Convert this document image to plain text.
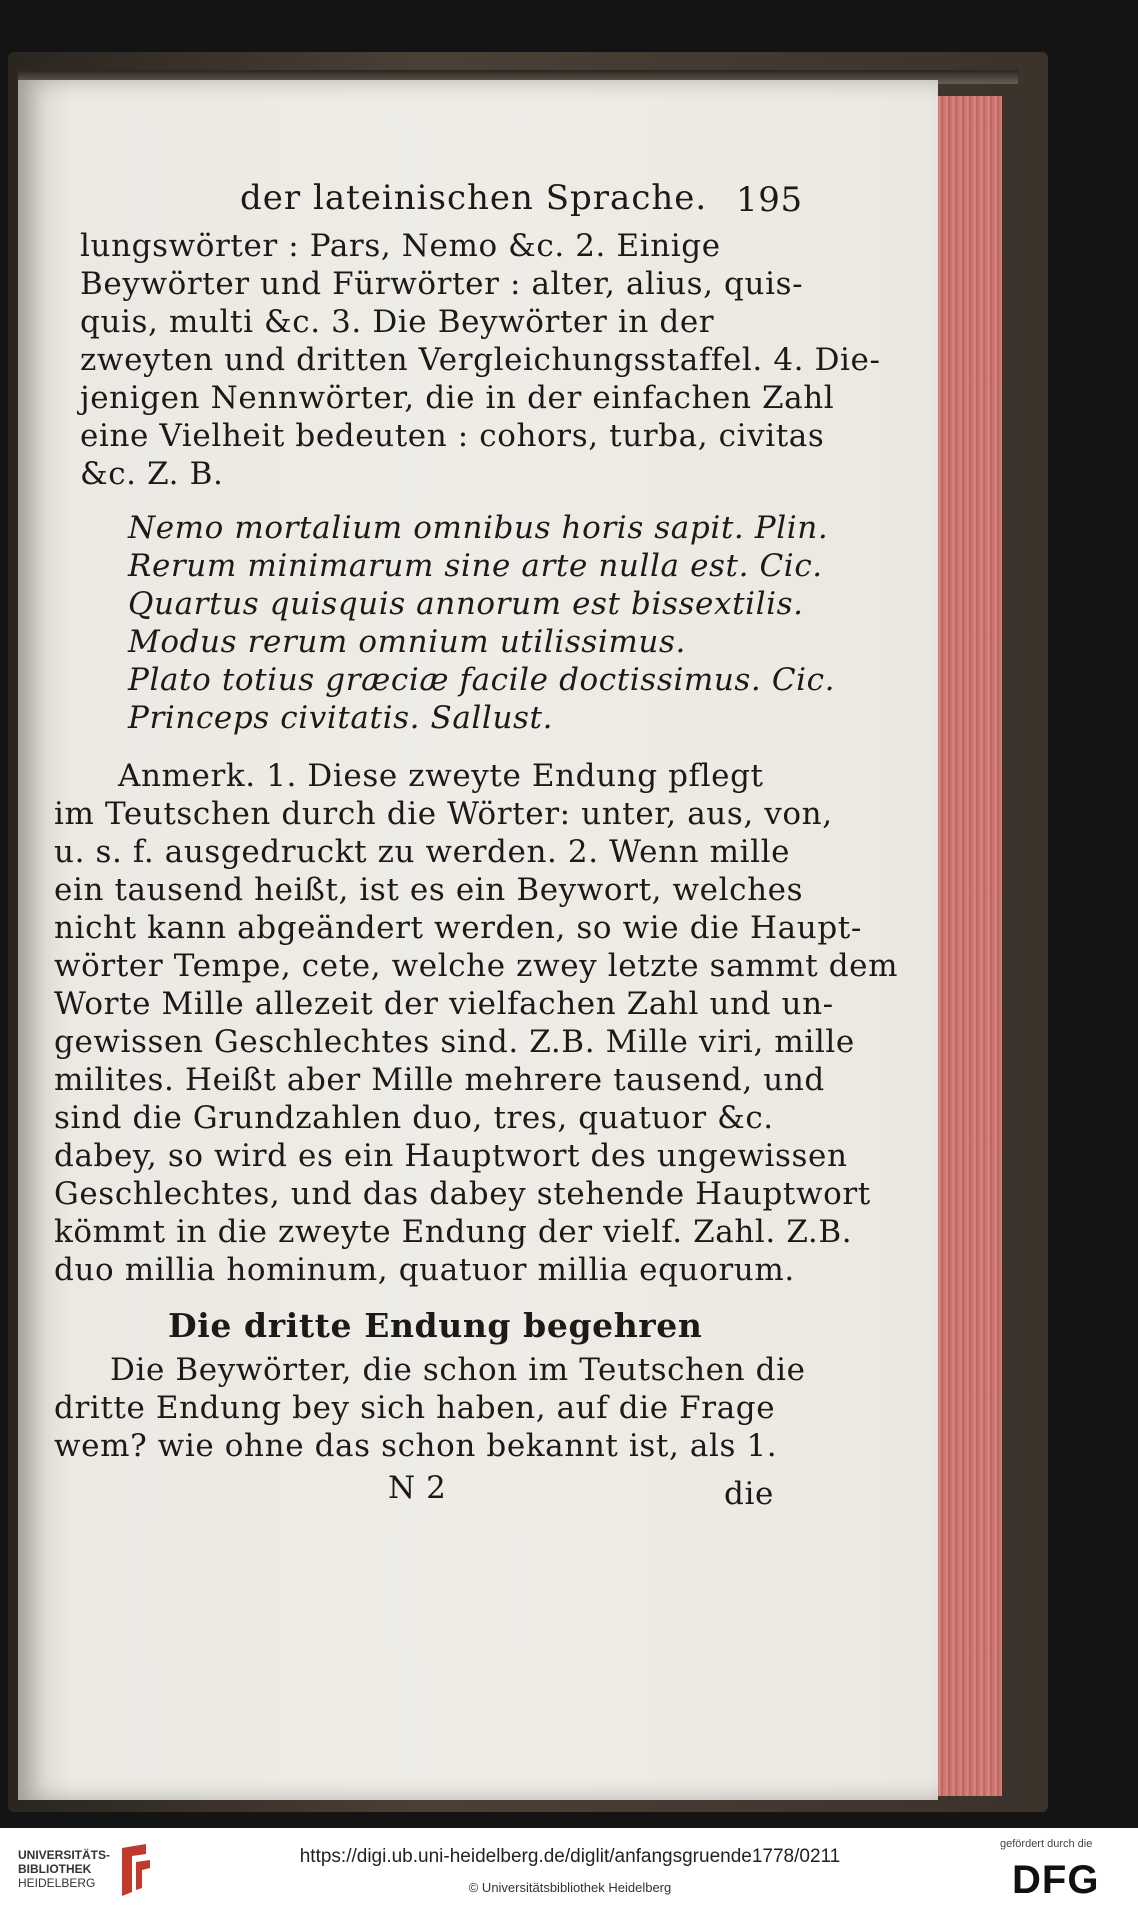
der lateinischen Sprache. 195
lungswörter : Pars, Nemo &c. 2. Einige
Beywörter und Fürwörter : alter, alius, quis-
quis, multi &c. 3. Die Beywörter in der
zweyten und dritten Vergleichungsstaffel. 4. Die-
jenigen Nennwörter, die in der einfachen Zahl
eine Vielheit bedeuten : cohors, turba, civitas
&c. Z. B.
Nemo mortalium omnibus horis sapit. Plin.
Rerum minimarum sine arte nulla est. Cic.
Quartus quisquis annorum est bissextilis.
Modus rerum omnium utilissimus.
Plato totius græciæ facile doctissimus. Cic.
Princeps civitatis. Sallust.
Anmerk. 1. Diese zweyte Endung pflegt
im Teutschen durch die Wörter: unter, aus, von,
u. s. f. ausgedruckt zu werden. 2. Wenn mille
ein tausend heißt, ist es ein Beywort, welches
nicht kann abgeändert werden, so wie die Haupt-
wörter Tempe, cete, welche zwey letzte sammt dem
Worte Mille allezeit der vielfachen Zahl und un-
gewissen Geschlechtes sind. Z.B. Mille viri, mille
milites. Heißt aber Mille mehrere tausend, und
sind die Grundzahlen duo, tres, quatuor &c.
dabey, so wird es ein Hauptwort des ungewissen
Geschlechtes, und das dabey stehende Hauptwort
kömmt in die zweyte Endung der vielf. Zahl. Z.B.
duo millia hominum, quatuor millia equorum.
Die dritte Endung begehren
Die Beywörter, die schon im Teutschen die
dritte Endung bey sich haben, auf die Frage
wem? wie ohne das schon bekannt ist, als 1.
N 2	die
UNIVERSITÄTS-
BIBLIOTHEK
HEIDELBERG
https://digi.ub.uni-heidelberg.de/diglit/anfangsgruende1778/0211
© Universitätsbibliothek Heidelberg
gefördert durch die
DFG
